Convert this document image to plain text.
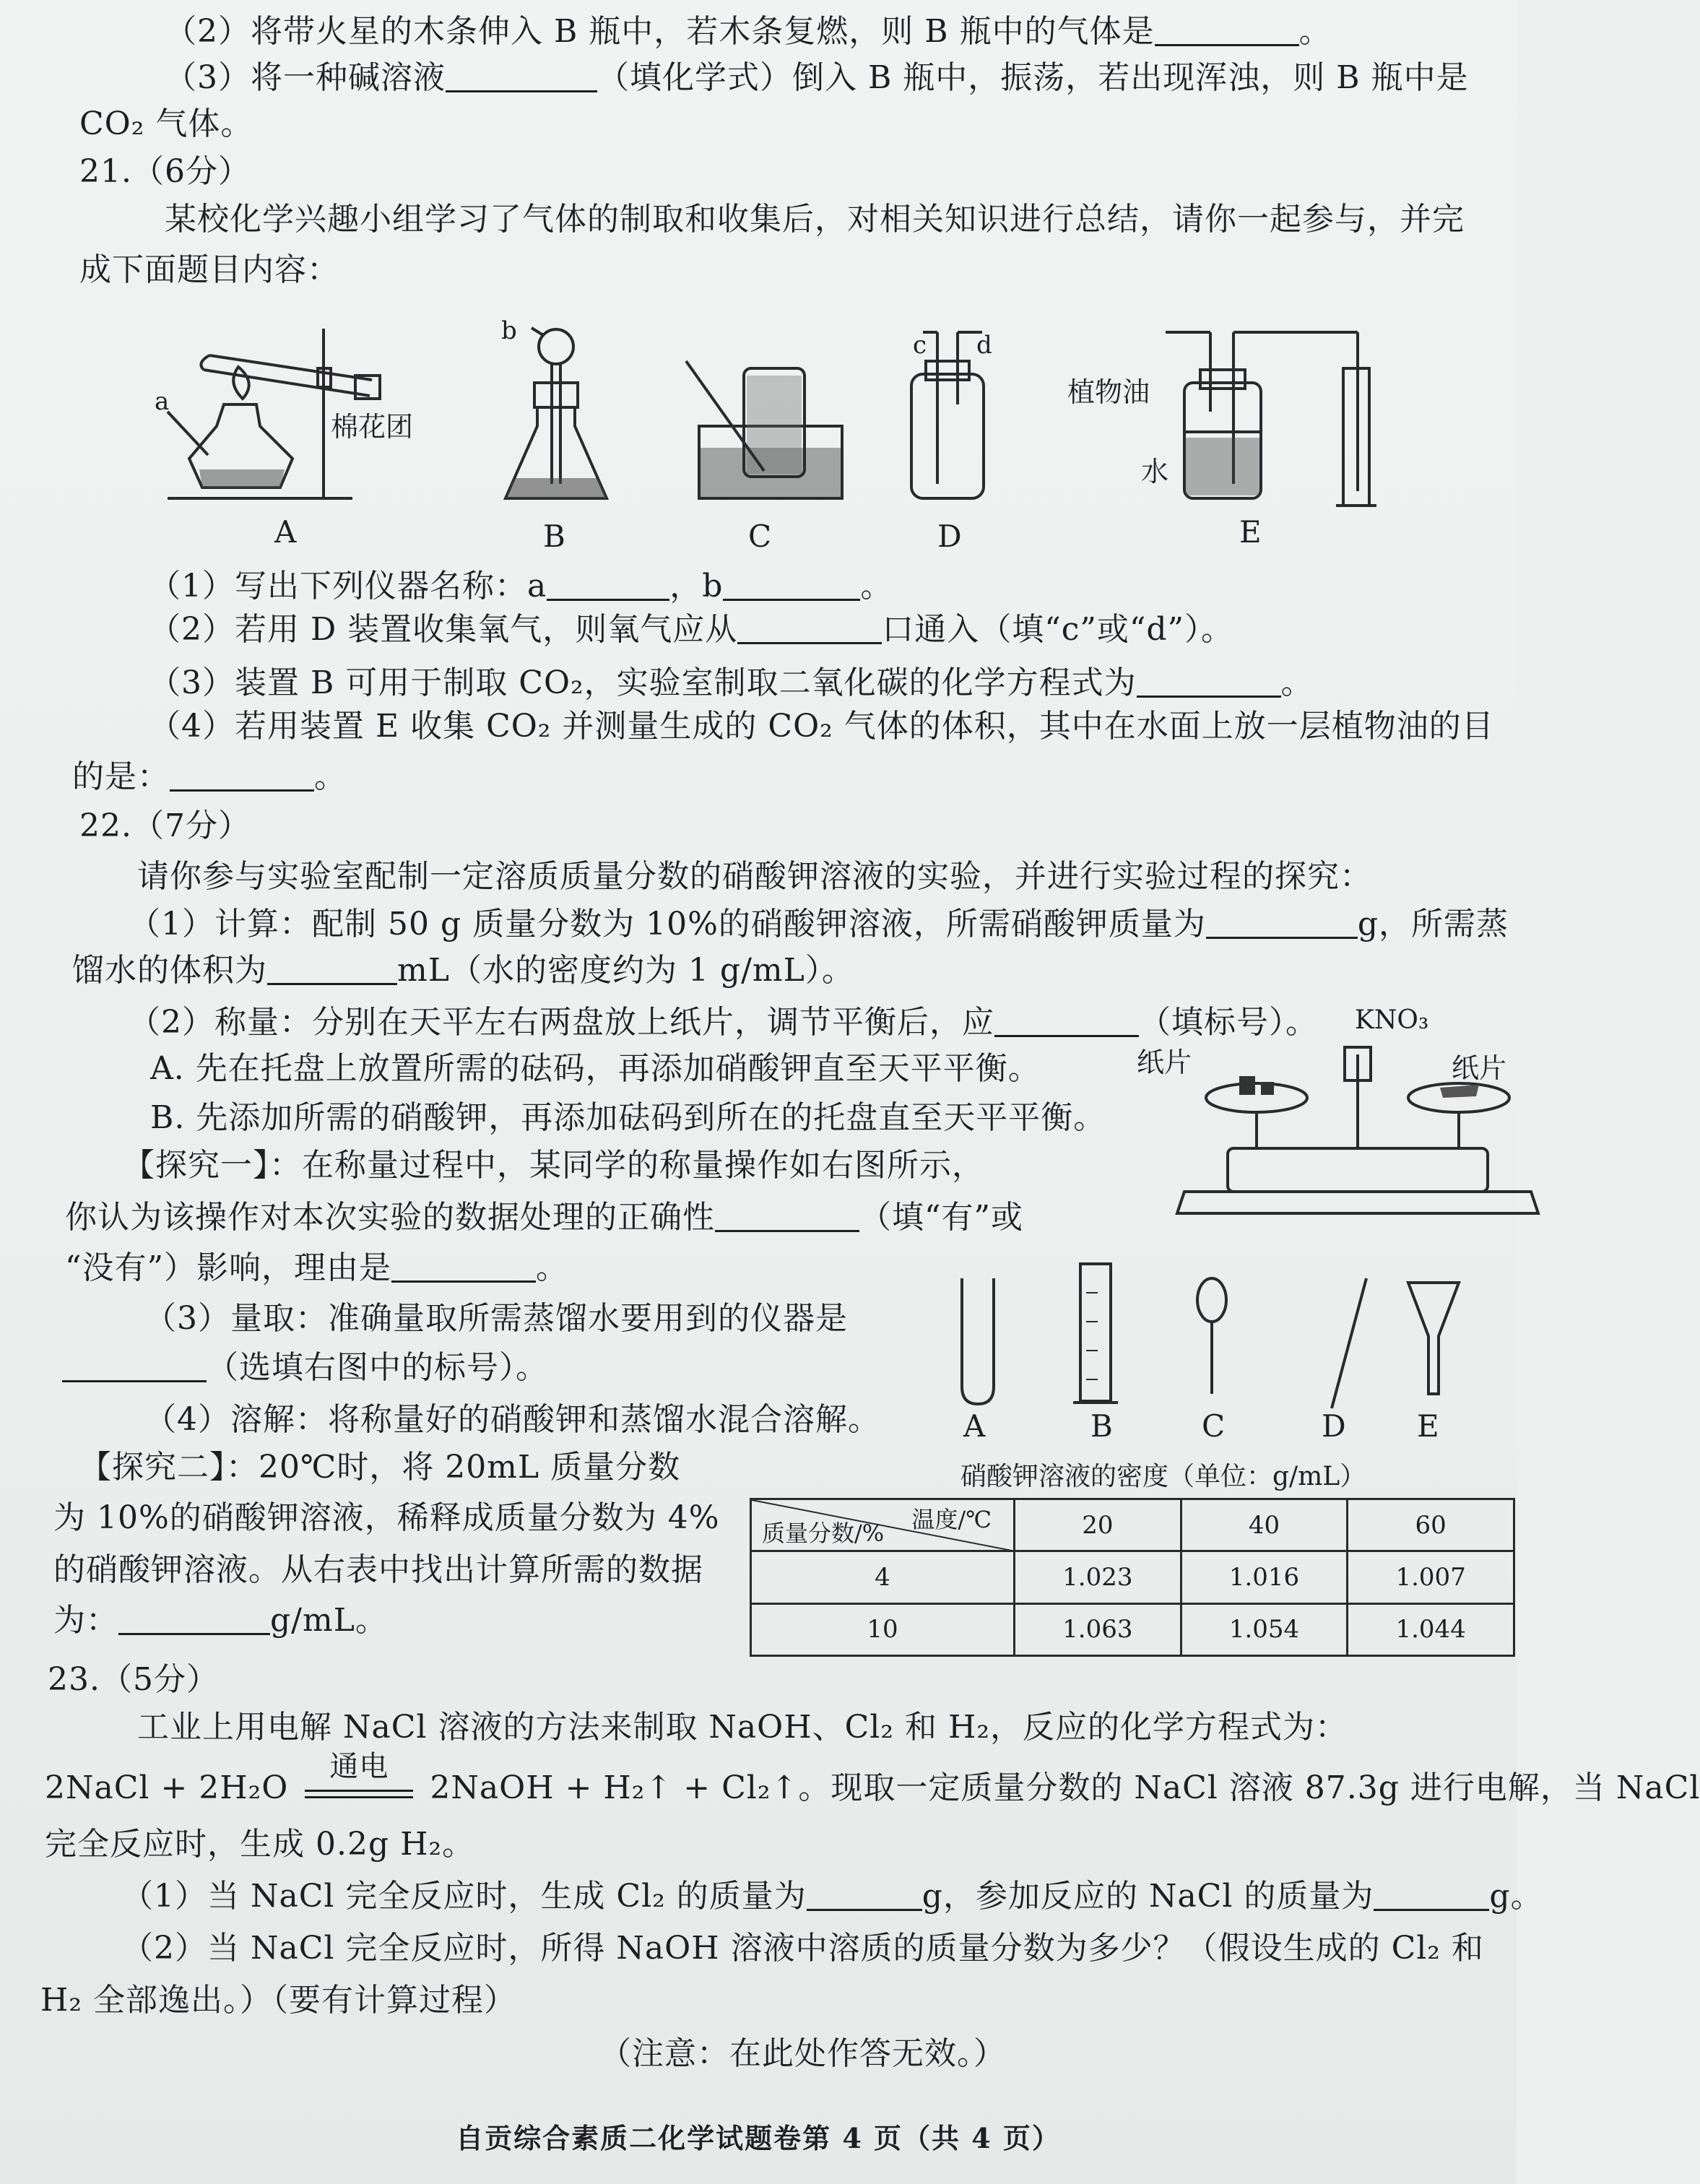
（2）将带火星的木条伸入 B 瓶中，若木条复燃，则 B 瓶中的气体是	。
（3）将一种碱溶液	（填化学式）倒入 B 瓶中，振荡，若出现浑浊，则 B 瓶中是
CO₂ 气体。
21.（6分）
某校化学兴趣小组学习了气体的制取和收集后，对相关知识进行总结，请你一起参与，并完
成下面题目内容：
a
棉花团
b	c d
植物油
水
A	B	C	D	E
（1）写出下列仪器名称：a	，b	。
（2）若用 D 装置收集氧气，则氧气应从	口通入（填“c”或“d”）。
（3）装置 B 可用于制取 CO₂，实验室制取二氧化碳的化学方程式为	。
（4）若用装置 E 收集 CO₂ 并测量生成的 CO₂ 气体的体积，其中在水面上放一层植物油的目
的是：	。
22.（7分）
请你参与实验室配制一定溶质质量分数的硝酸钾溶液的实验，并进行实验过程的探究：
（1）计算：配制 50 g 质量分数为 10%的硝酸钾溶液，所需硝酸钾质量为	g，所需蒸
馏水的体积为	mL（水的密度约为 1 g/mL）。
（2）称量：分别在天平左右两盘放上纸片，调节平衡后，应	（填标号）。
A. 先在托盘上放置所需的砝码，再添加硝酸钾直至天平平衡。
B. 先添加所需的硝酸钾，再添加砝码到所在的托盘直至天平平衡。
【探究一】：在称量过程中，某同学的称量操作如右图所示，
你认为该操作对本次实验的数据处理的正确性	（填“有”或
“没有”）影响，理由是	。
（3）量取：准确量取所需蒸馏水要用到的仪器是
（选填右图中的标号）。
（4）溶解：将称量好的硝酸钾和蒸馏水混合溶解。
【探究二】：20℃时，将 20mL 质量分数
为 10%的硝酸钾溶液，稀释成质量分数为 4%
的硝酸钾溶液。从右表中找出计算所需的数据
为：	g/mL。
KNO₃
纸片	纸片
A	B	C	D E
硝酸钾溶液的密度（单位：g/mL）
温度/℃
质量分数/%	20	40	60
4	1.023	1.016	1.007
10	1.063	1.054	1.044
23.（5分）
工业上用电解 NaCl 溶液的方法来制取 NaOH、Cl₂ 和 H₂，反应的化学方程式为：
2NaCl + 2H₂O
通电
2NaOH + H₂↑ + Cl₂↑。现取一定质量分数的 NaCl 溶液 87.3g 进行电解，当 NaCl
完全反应时，生成 0.2g H₂。
（1）当 NaCl 完全反应时，生成 Cl₂ 的质量为	g，参加反应的 NaCl 的质量为	g。
（2）当 NaCl 完全反应时，所得 NaOH 溶液中溶质的质量分数为多少？（假设生成的 Cl₂ 和
H₂ 全部逸出。）（要有计算过程）
（注意：在此处作答无效。）
自贡综合素质二化学试题卷第 4 页（共 4 页）
